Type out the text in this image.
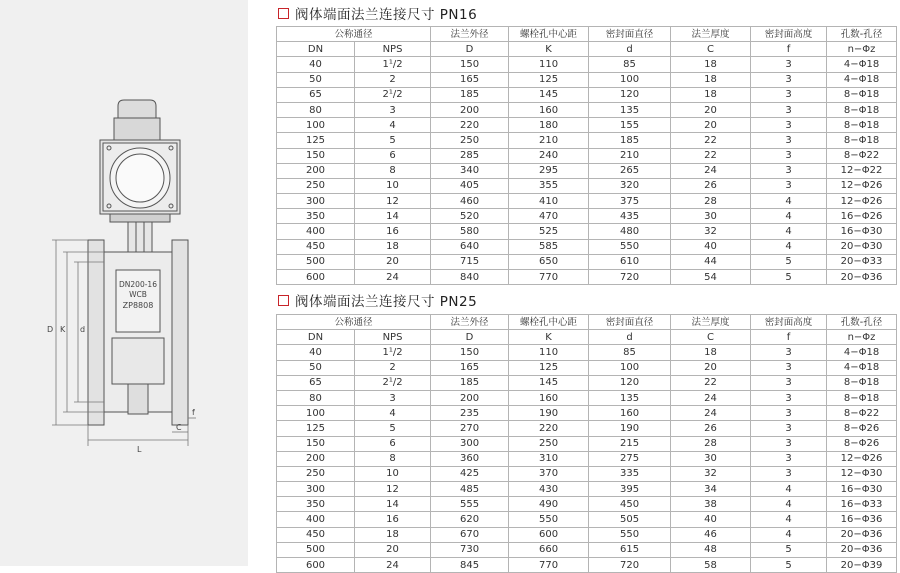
DN200-16
WCB
ZP8808
D K d
L
C
f
阀体端面法兰连接尺寸 PN16
公称通径		法兰外径	螺栓孔中心距	密封面直径	法兰厚度	密封面高度	孔数-孔径
DN	NPS	D	K	d	C	f	n−Φz
40	1¹/2	150	110	85	18	3	4−Φ18
50	2	165	125	100	18	3	4−Φ18
65	2¹/2	185	145	120	18	3	8−Φ18
80	3	200	160	135	20	3	8−Φ18
100	4	220	180	155	20	3	8−Φ18
125	5	250	210	185	22	3	8−Φ18
150	6	285	240	210	22	3	8−Φ22
200	8	340	295	265	24	3	12−Φ22
250	10	405	355	320	26	3	12−Φ26
300	12	460	410	375	28	4	12−Φ26
350	14	520	470	435	30	4	16−Φ26
400	16	580	525	480	32	4	16−Φ30
450	18	640	585	550	40	4	20−Φ30
500	20	715	650	610	44	5	20−Φ33
600	24	840	770	720	54	5	20−Φ36
阀体端面法兰连接尺寸 PN25
公称通径		法兰外径	螺栓孔中心距	密封面直径	法兰厚度	密封面高度	孔数-孔径
DN	NPS	D	K	d	C	f	n−Φz
40	1¹/2	150	110	85	18	3	4−Φ18
50	2	165	125	100	20	3	4−Φ18
65	2¹/2	185	145	120	22	3	8−Φ18
80	3	200	160	135	24	3	8−Φ18
100	4	235	190	160	24	3	8−Φ22
125	5	270	220	190	26	3	8−Φ26
150	6	300	250	215	28	3	8−Φ26
200	8	360	310	275	30	3	12−Φ26
250	10	425	370	335	32	3	12−Φ30
300	12	485	430	395	34	4	16−Φ30
350	14	555	490	450	38	4	16−Φ33
400	16	620	550	505	40	4	16−Φ36
450	18	670	600	550	46	4	20−Φ36
500	20	730	660	615	48	5	20−Φ36
600	24	845	770	720	58	5	20−Φ39
